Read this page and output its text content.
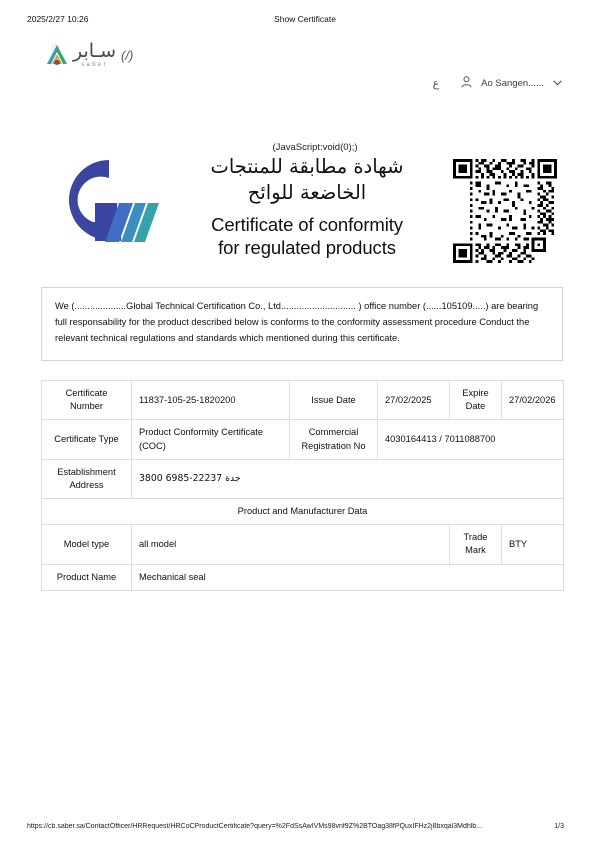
2025/2/27 10:26	Show Certificate
سـابر
saber
(/)
ع	Ao Sangen......
(JavaScript:void(0);)
شهادة مطابقة للمنتجات
الخاضعة للوائح
Certificate of conformity
for regulated products
We (....................Global Technical Certification Co., Ltd............................. ) office number (......105109.....) are bearing full responsability for the product described below is conforms to the conformity assessment procedure Conduct the relevant technical regulations and standards which mentioned during this certificate.
Certificate Number	11837-105-25-1820200	Issue Date	27/02/2025	Expire Date	27/02/2026
Certificate Type	Product Conformity Certificate (COC)	Commercial Registration No	4030164413 / 7011088700		
Establishment Address	3800 6985-22237 جدة				
Product and Manufacturer Data					
Model type	all model			Trade Mark	BTY
Product Name	Mechanical seal				
https://cb.saber.sa/ContactOfficer/HRRequest/HRCoCProductCertificate?query=%2FdSsAwIVMs98vnf9Z%2BTOag38fPQuxIFHz2j8bxqal3Mdhlb...	1/3
